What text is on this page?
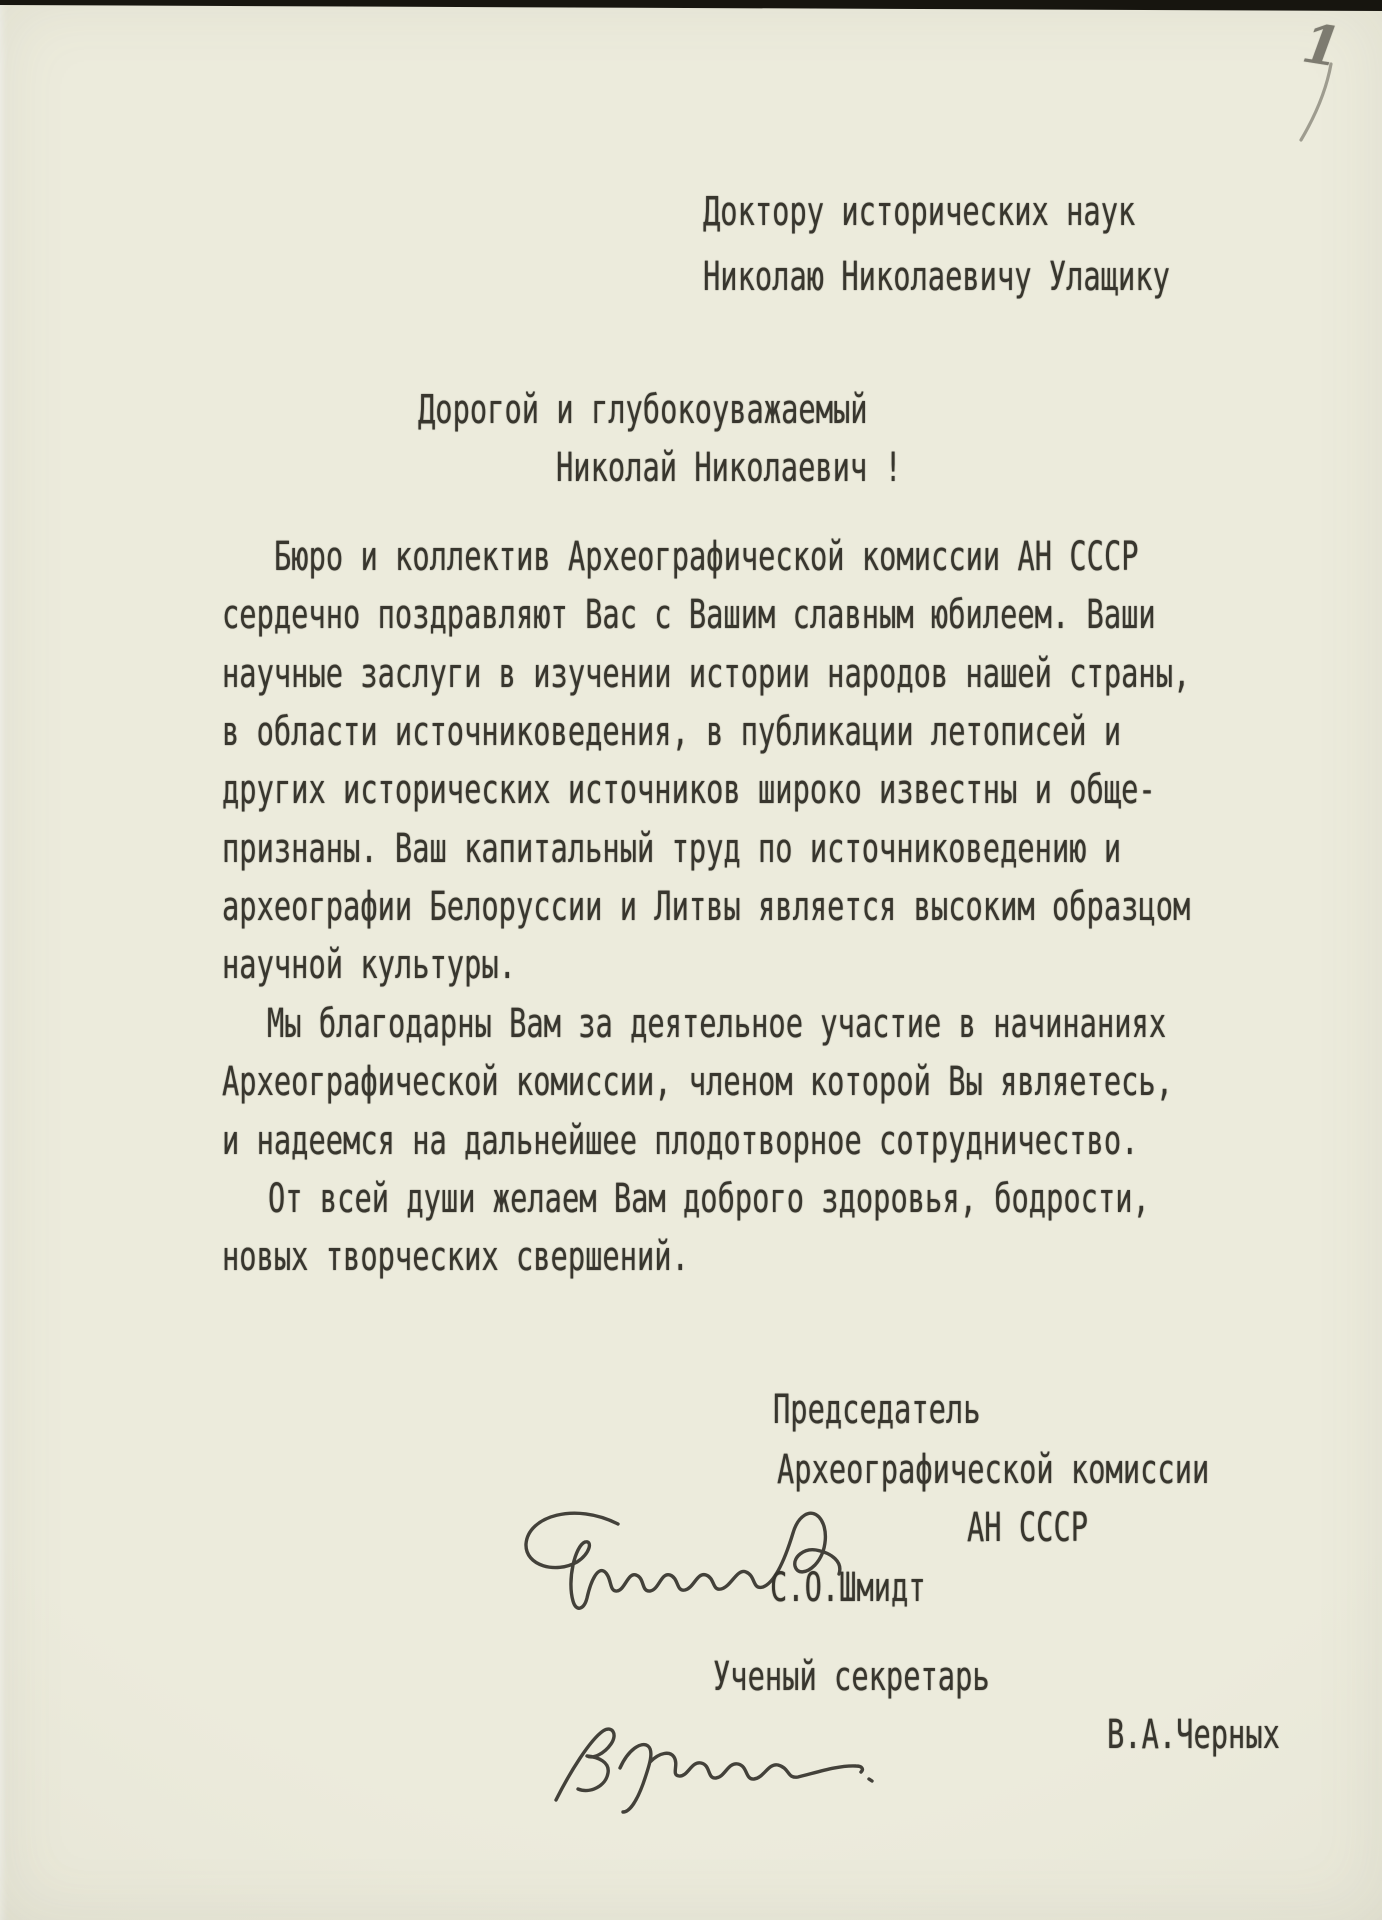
1
Доктору исторических наук
Николаю Николаевичу Улащику
Дорогой и глубокоуважаемый
Николай Николаевич !
Бюро и коллектив Археографической комиссии АН СССР
сердечно поздравляют Вас с Вашим славным юбилеем. Ваши
научные заслуги в изучении истории народов нашей страны,
в области источниковедения, в публикации летописей и
других исторических источников широко известны и обще-
признаны. Ваш капитальный труд по источниковедению и
археографии Белоруссии и Литвы является высоким образцом
научной культуры.
Мы благодарны Вам за деятельное участие в начинаниях
Археографической комиссии, членом которой Вы являетесь,
и надеемся на дальнейшее плодотворное сотрудничество.
От всей души желаем Вам доброго здоровья, бодрости,
новых творческих свершений.
Председатель
Археографической комиссии
АН СССР
С.О.Шмидт
Ученый секретарь
В.А.Черных
